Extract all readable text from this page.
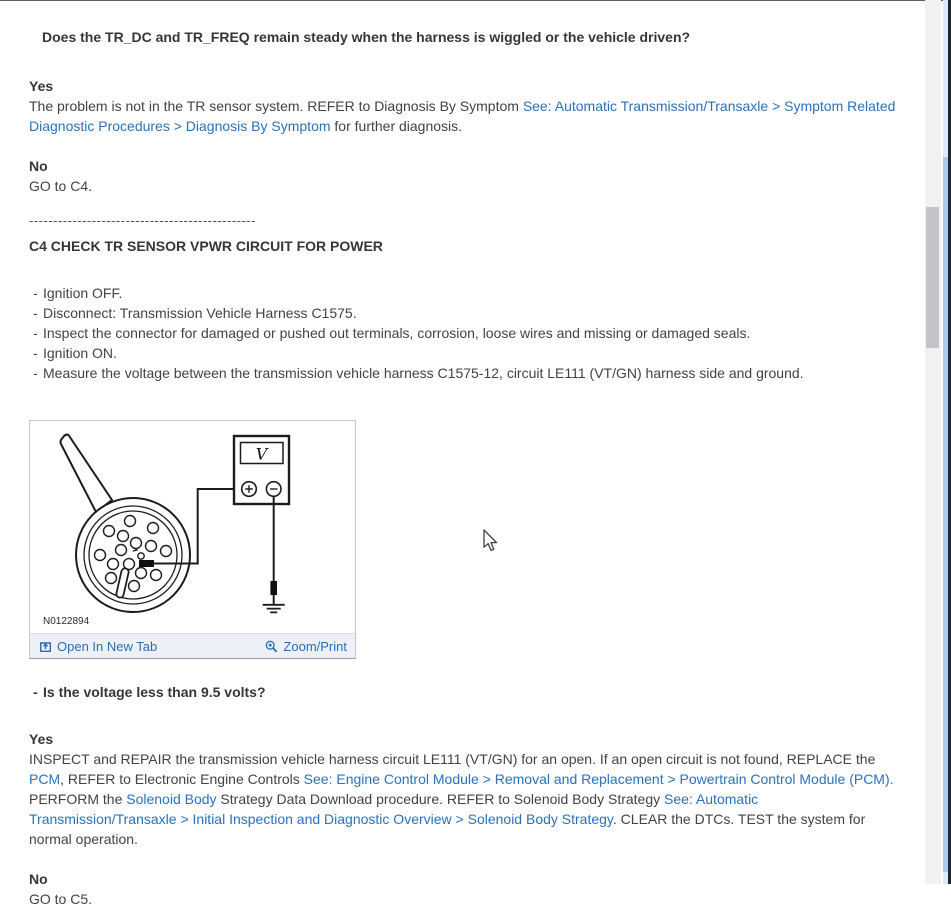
Does the TR_DC and TR_FREQ remain steady when the harness is wiggled or the vehicle driven?
Yes

The problem is not in the TR sensor system. REFER to Diagnosis By Symptom See: Automatic Transmission/Transaxle > Symptom Related Diagnostic Procedures > Diagnosis By Symptom for further diagnosis.

No

GO to C4.

-----------------------------------------------
C4 CHECK TR SENSOR VPWR CIRCUIT FOR POWER
- Ignition OFF.
- Disconnect: Transmission Vehicle Harness C1575.
- Inspect the connector for damaged or pushed out terminals, corrosion, loose wires and missing or damaged seals.
- Ignition ON.
- Measure the voltage between the transmission vehicle harness C1575-12, circuit LE111 (VT/GN) harness side and ground.
V
N0122894
Open In New Tab	Zoom/Print
- Is the voltage less than 9.5 volts?
Yes

INSPECT and REPAIR the transmission vehicle harness circuit LE111 (VT/GN) for an open. If an open circuit is not found, REPLACE the PCM, REFER to Electronic Engine Controls See: Engine Control Module > Removal and Replacement > Powertrain Control Module (PCM). PERFORM the Solenoid Body Strategy Data Download procedure. REFER to Solenoid Body Strategy See: Automatic Transmission/Transaxle > Initial Inspection and Diagnostic Overview > Solenoid Body Strategy. CLEAR the DTCs. TEST the system for normal operation.

No

GO to C5.
